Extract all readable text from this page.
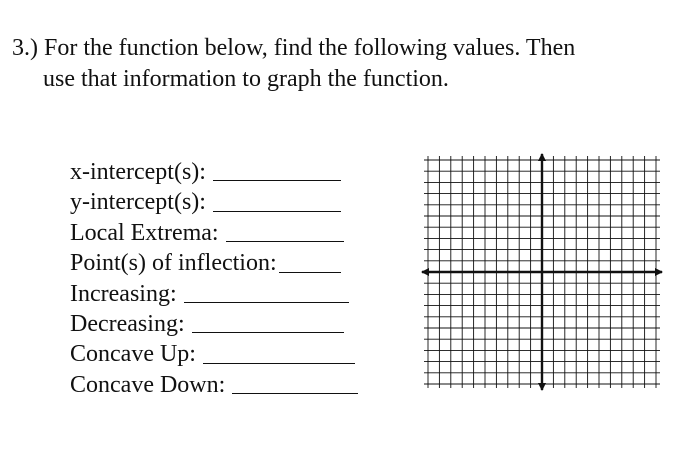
3.) For the function below, find the following values. Then
use that information to graph the function.
x-intercept(s):
y-intercept(s):
Local Extrema:
Point(s) of inflection:
Increasing:
Decreasing:
Concave Up:
Concave Down:
